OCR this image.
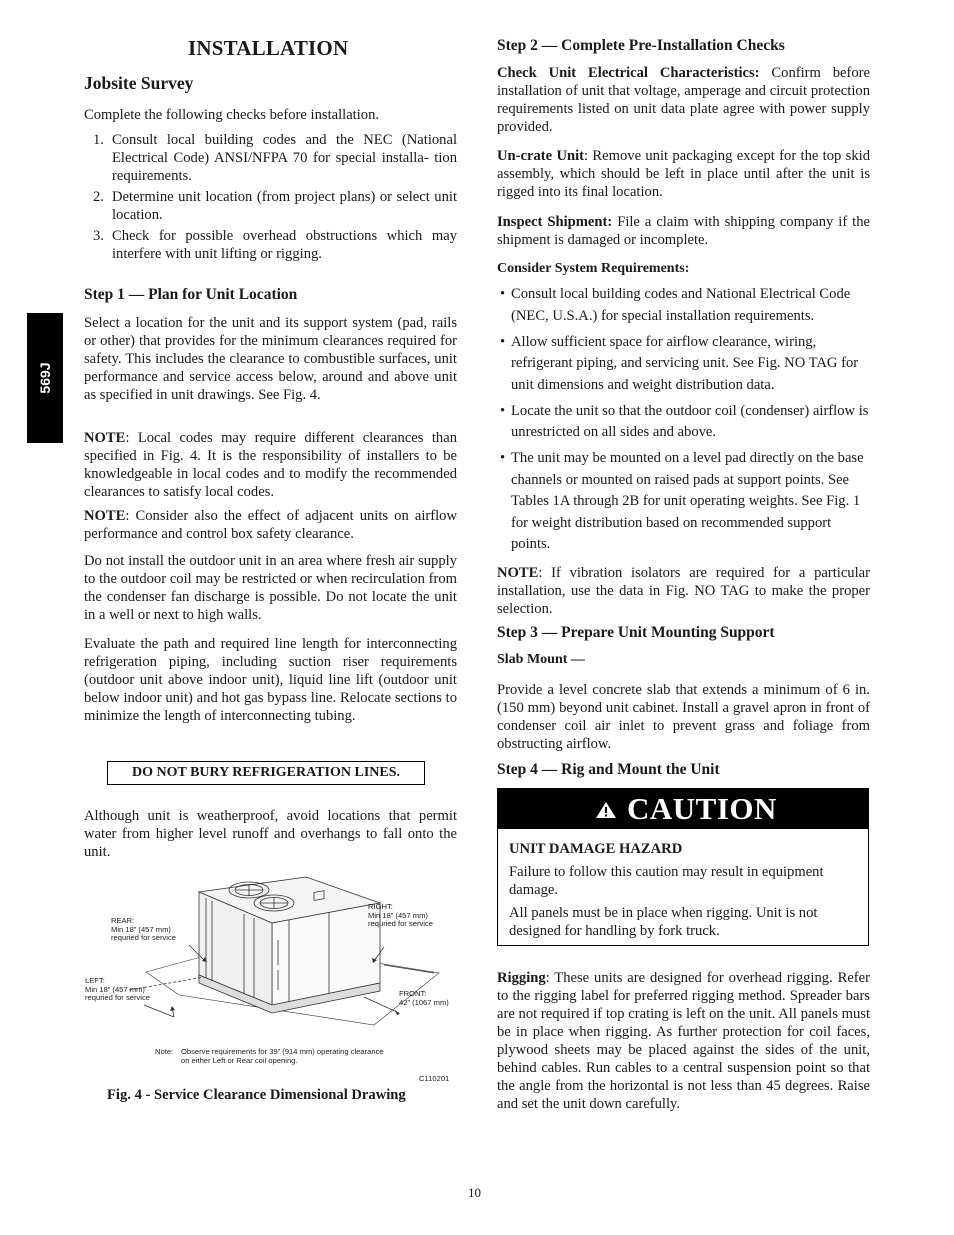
INSTALLATION
Jobsite Survey

Complete the following checks before installation.

1. Consult local building codes and the NEC (National Electrical Code) ANSI/NFPA 70 for special installa- tion requirements.
2. Determine unit location (from project plans) or select unit location.
3. Check for possible overhead obstructions which may interfere with unit lifting or rigging.
Step 1 — Plan for Unit Location

Select a location for the unit and its support system (pad, rails or other) that provides for the minimum clearances required for safety. This includes the clearance to combustible surfaces, unit performance and service access below, around and above unit as specified in unit drawings. See Fig. 4.

NOTE: Local codes may require different clearances than specified in Fig. 4. It is the responsibility of installers to be knowledgeable in local codes and to modify the recommended clearances to satisfy local codes.

NOTE: Consider also the effect of adjacent units on airflow performance and control box safety clearance.

Do not install the outdoor unit in an area where fresh air supply to the outdoor coil may be restricted or when recirculation from the condenser fan discharge is possible. Do not locate the unit in a well or next to high walls.

Evaluate the path and required line length for interconnecting refrigeration piping, including suction riser requirements (outdoor unit above indoor unit), liquid line lift (outdoor unit below indoor unit) and hot gas bypass line. Relocate sections to minimize the length of interconnecting tubing.

DO NOT BURY REFRIGERATION LINES.

Although unit is weatherproof, avoid locations that permit water from higher level runoff and overhangs to fall onto the unit.

569J
REAR:
Min 18” (457 mm)
requried for service
RIGHT:
Min 18” (457 mm)
requried for service
LEFT:
Min 18” (457 mm)
requried for service	FRONT:
42” (1067 mm)
Note: Observe requirements for 39” (914 mm) operating clearance
on either Left or Rear coil opening.
C110201
Fig. 4 - Service Clearance Dimensional Drawing
Step 2 — Complete Pre-Installation Checks

Check Unit Electrical Characteristics: Confirm before installation of unit that voltage, amperage and circuit protection requirements listed on unit data plate agree with power supply provided.

Un-crate Unit: Remove unit packaging except for the top skid assembly, which should be left in place until after the unit is rigged into its final location.

Inspect Shipment: File a claim with shipping company if the shipment is damaged or incomplete.

Consider System Requirements:
• Consult local building codes and National Electrical Code (NEC, U.S.A.) for special installation requirements.
• Allow sufficient space for airflow clearance, wiring, refrigerant piping, and servicing unit. See Fig. NO TAG for unit dimensions and weight distribution data.
• Locate the unit so that the outdoor coil (condenser) airflow is unrestricted on all sides and above.
• The unit may be mounted on a level pad directly on the base channels or mounted on raised pads at support points. See Tables 1A through 2B for unit operating weights. See Fig. 1 for weight distribution based on recommended support points.

NOTE: If vibration isolators are required for a particular installation, use the data in Fig. NO TAG to make the proper selection.

Step 3 — Prepare Unit Mounting Support
Slab Mount —

Provide a level concrete slab that extends a minimum of 6 in. (150 mm) beyond unit cabinet. Install a gravel apron in front of condenser coil air inlet to prevent grass and foliage from obstructing airflow.

Step 4 — Rig and Mount the Unit
CAUTION
UNIT DAMAGE HAZARD

Failure to follow this caution may result in equipment damage.

All panels must be in place when rigging. Unit is not designed for handling by fork truck.

Rigging: These units are designed for overhead rigging. Refer to the rigging label for preferred rigging method. Spreader bars are not required if top crating is left on the unit. All panels must be in place when rigging. As further protection for coil faces, plywood sheets may be placed against the sides of the unit, behind cables. Run cables to a central suspension point so that the angle from the horizontal is not less than 45 degrees. Raise and set the unit down carefully.

10
